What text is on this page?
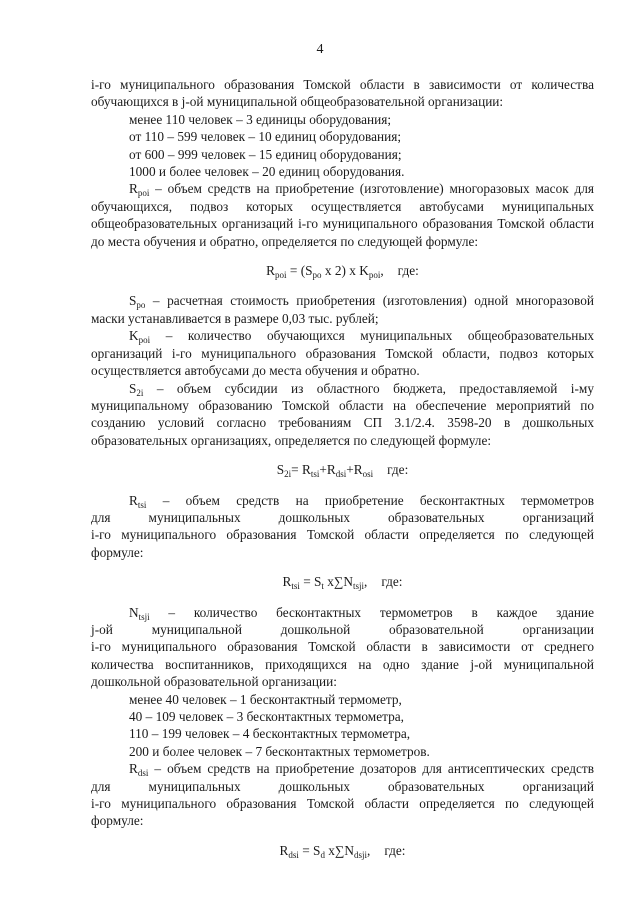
4

i-го муниципального образования Томской области в зависимости от количества

обучающихся в j-ой муниципальной общеобразовательной организации:

менее 110 человек – 3 единицы оборудования;

от 110 – 599 человек – 10 единиц оборудования;

от 600 – 999 человек – 15 единиц оборудования;

1000 и более человек – 20 единиц оборудования.

$R_{poi}$ – объем средств на приобретение (изготовление) многоразовых масок для обучающихся, подвоз которых осуществляется автобусами муниципальных общеобразовательных организаций i-го муниципального образования Томской области до места обучения и обратно, определяется по следующей формуле:

$R_{poi} = (S_{po}$ x 2) x $K_{poi}$, где:

$S_{po}$ – расчетная стоимость приобретения (изготовления) одной многоразовой маски устанавливается в размере 0,03 тыс. рублей;

$K_{poi}$ – количество обучающихся муниципальных общеобразовательных организаций i-го муниципального образования Томской области, подвоз которых осуществляется автобусами до места обучения и обратно.

$S_{2i}$ – объем субсидии из областного бюджета, предоставляемой i-му муниципальному образованию Томской области на обеспечение мероприятий по созданию условий согласно требованиям СП 3.1/2.4. 3598-20 в дошкольных образовательных организациях, определяется по следующей формуле:

$S_{2i}= R_{tsi}+R_{dsi}+R_{osi}$ где:

$R_{tsi}$ – объем средств на приобретение бесконтактных термометров

для муниципальных дошкольных образовательных организаций

i-го муниципального образования Томской области определяется по следующей формуле:

$R_{tsi} = S_t$ $x\sum N_{tsji}$, где:

$N_{tsji}$ – количество бесконтактных термометров в каждое здание

j-ой муниципальной дошкольной образовательной организации

i-го муниципального образования Томской области в зависимости от среднего количества воспитанников, приходящихся на одно здание j-ой муниципальной дошкольной образовательной организации:

менее 40 человек – 1 бесконтактный термометр,

40 – 109 человек – 3 бесконтактных термометра,

110 – 199 человек – 4 бесконтактных термометра,

200 и более человек – 7 бесконтактных термометров.

$R_{dsi}$ – объем средств на приобретение дозаторов для антисептических средств

для муниципальных дошкольных образовательных организаций

i-го муниципального образования Томской области определяется по следующей формуле:

$R_{dsi} = S_d$ $x\sum N_{dsji}$, где:
